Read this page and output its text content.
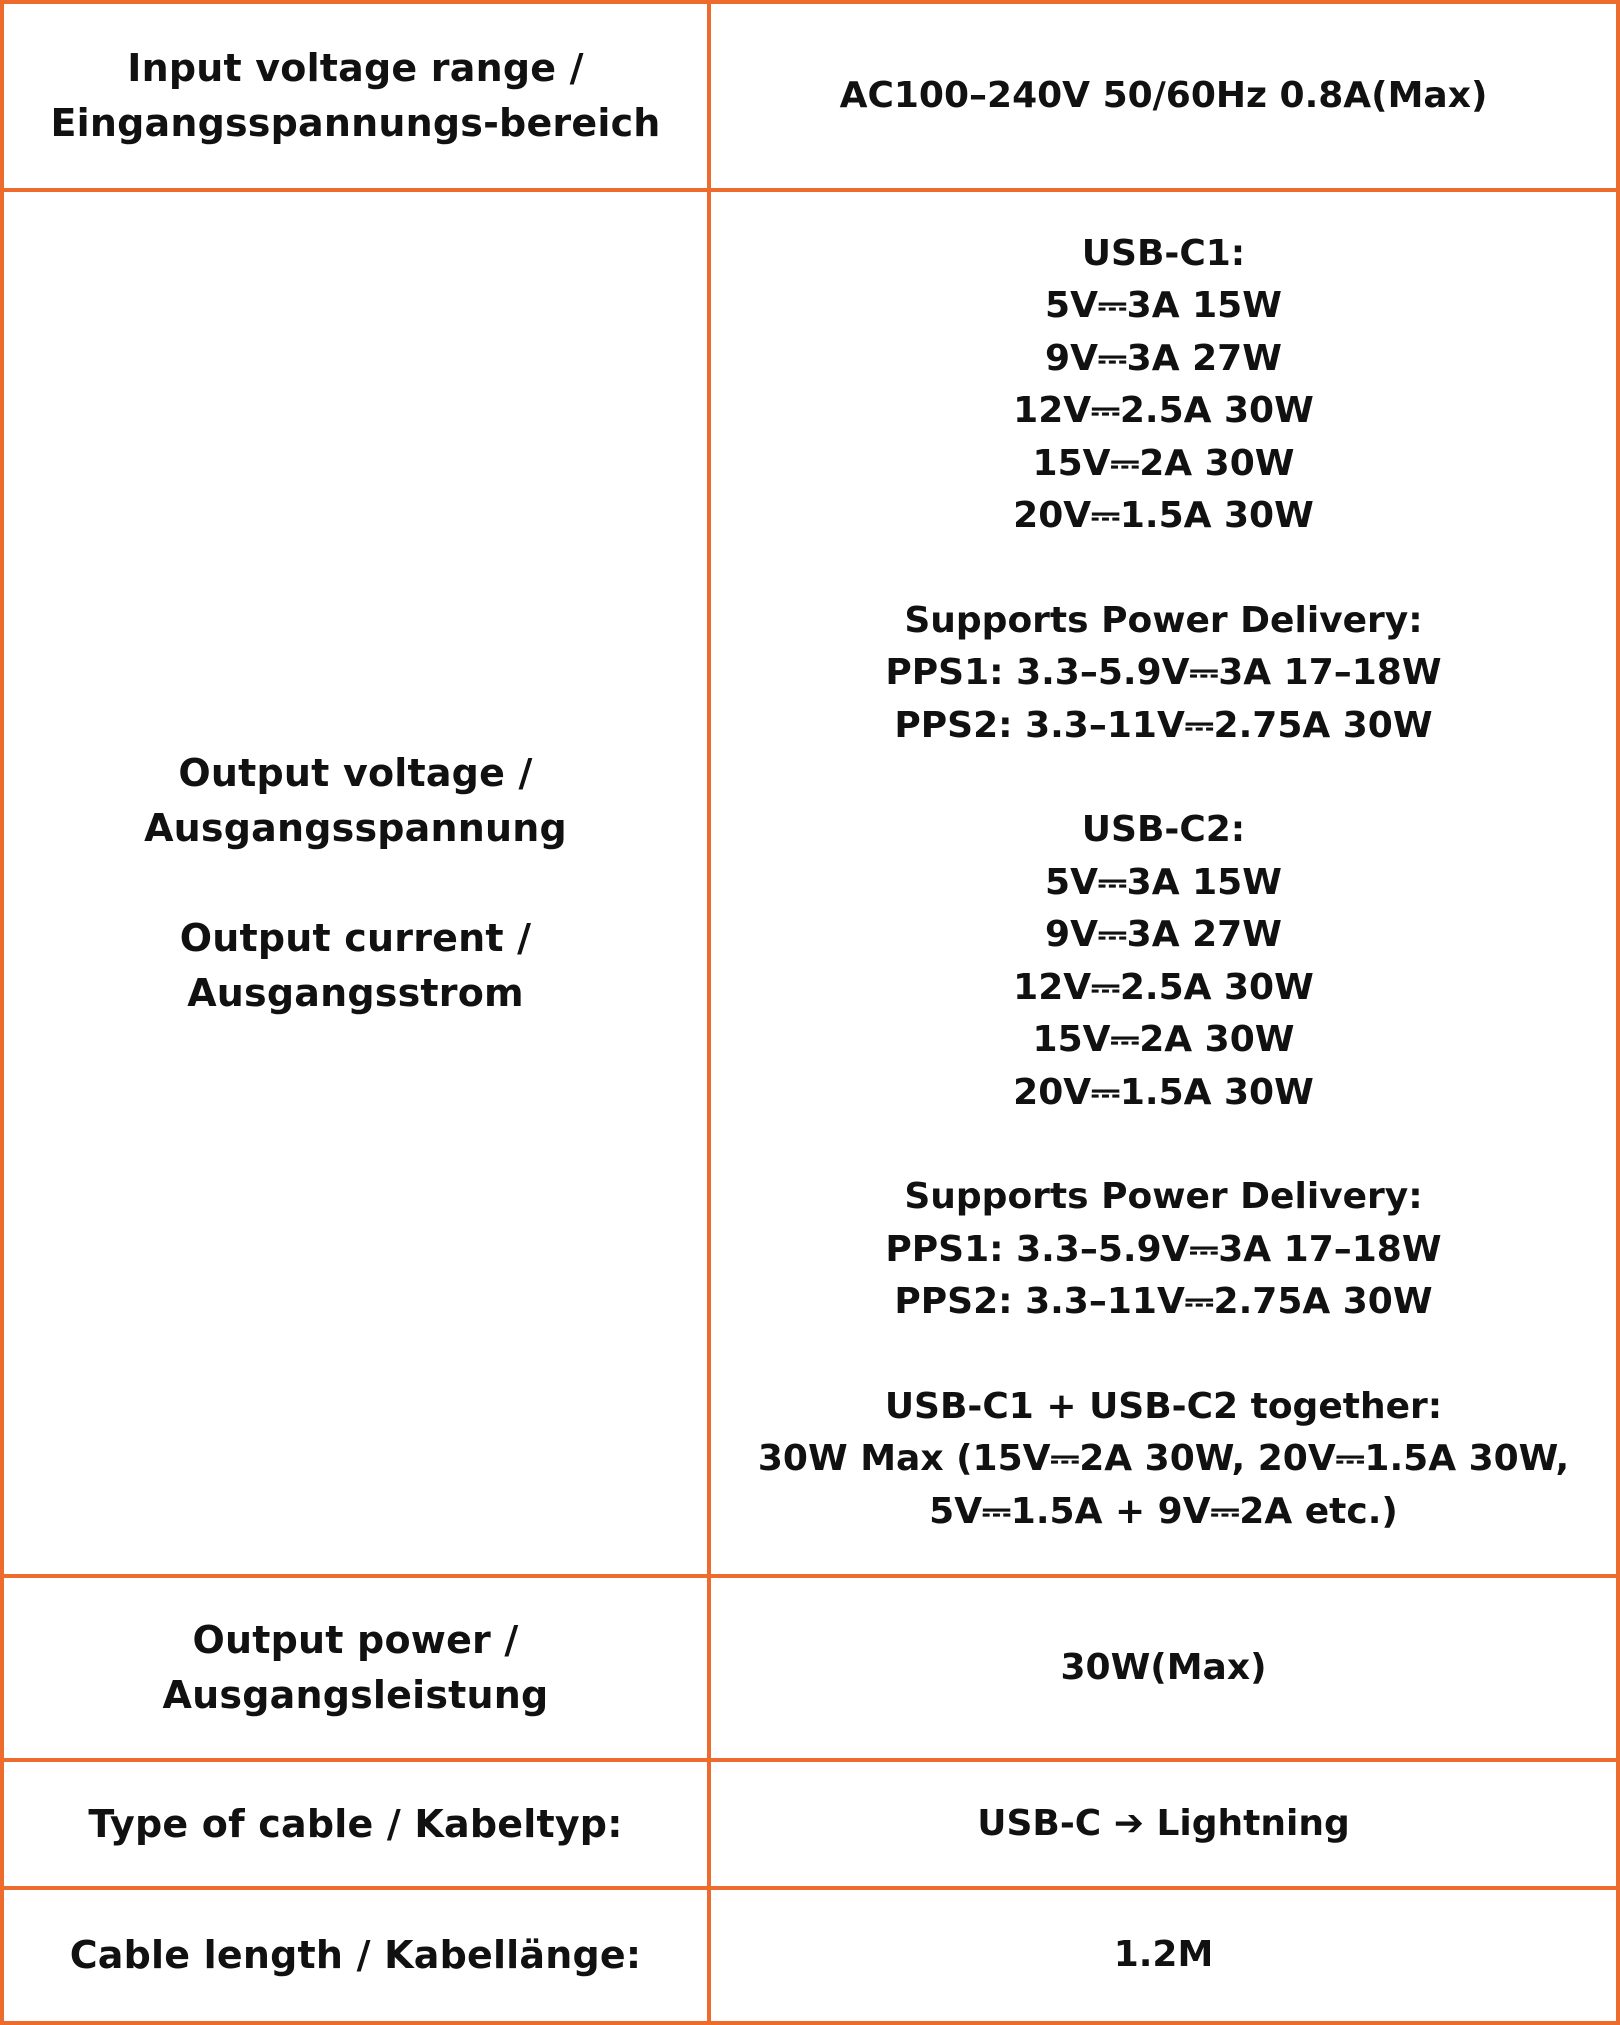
Input voltage range /
Eingangsspannungs-bereich
AC100–240V 50/60Hz 0.8A(Max)
Output voltage /
Ausgangsspannung
Output current /
Ausgangsstrom
USB-C1:
5V⎓3A 15W
9V⎓3A 27W
12V⎓2.5A 30W
15V⎓2A 30W
20V⎓1.5A 30W
Supports Power Delivery:
PPS1: 3.3–5.9V⎓3A 17–18W
PPS2: 3.3–11V⎓2.75A 30W
USB-C2:
5V⎓3A 15W
9V⎓3A 27W
12V⎓2.5A 30W
15V⎓2A 30W
20V⎓1.5A 30W
Supports Power Delivery:
PPS1: 3.3–5.9V⎓3A 17–18W
PPS2: 3.3–11V⎓2.75A 30W
USB-C1 + USB-C2 together:
30W Max (15V⎓2A 30W, 20V⎓1.5A 30W,
5V⎓1.5A + 9V⎓2A etc.)
Output power /
Ausgangsleistung
30W(Max)
Type of cable / Kabeltyp:	USB-C ➔ Lightning
Cable length / Kabellänge:	1.2M
